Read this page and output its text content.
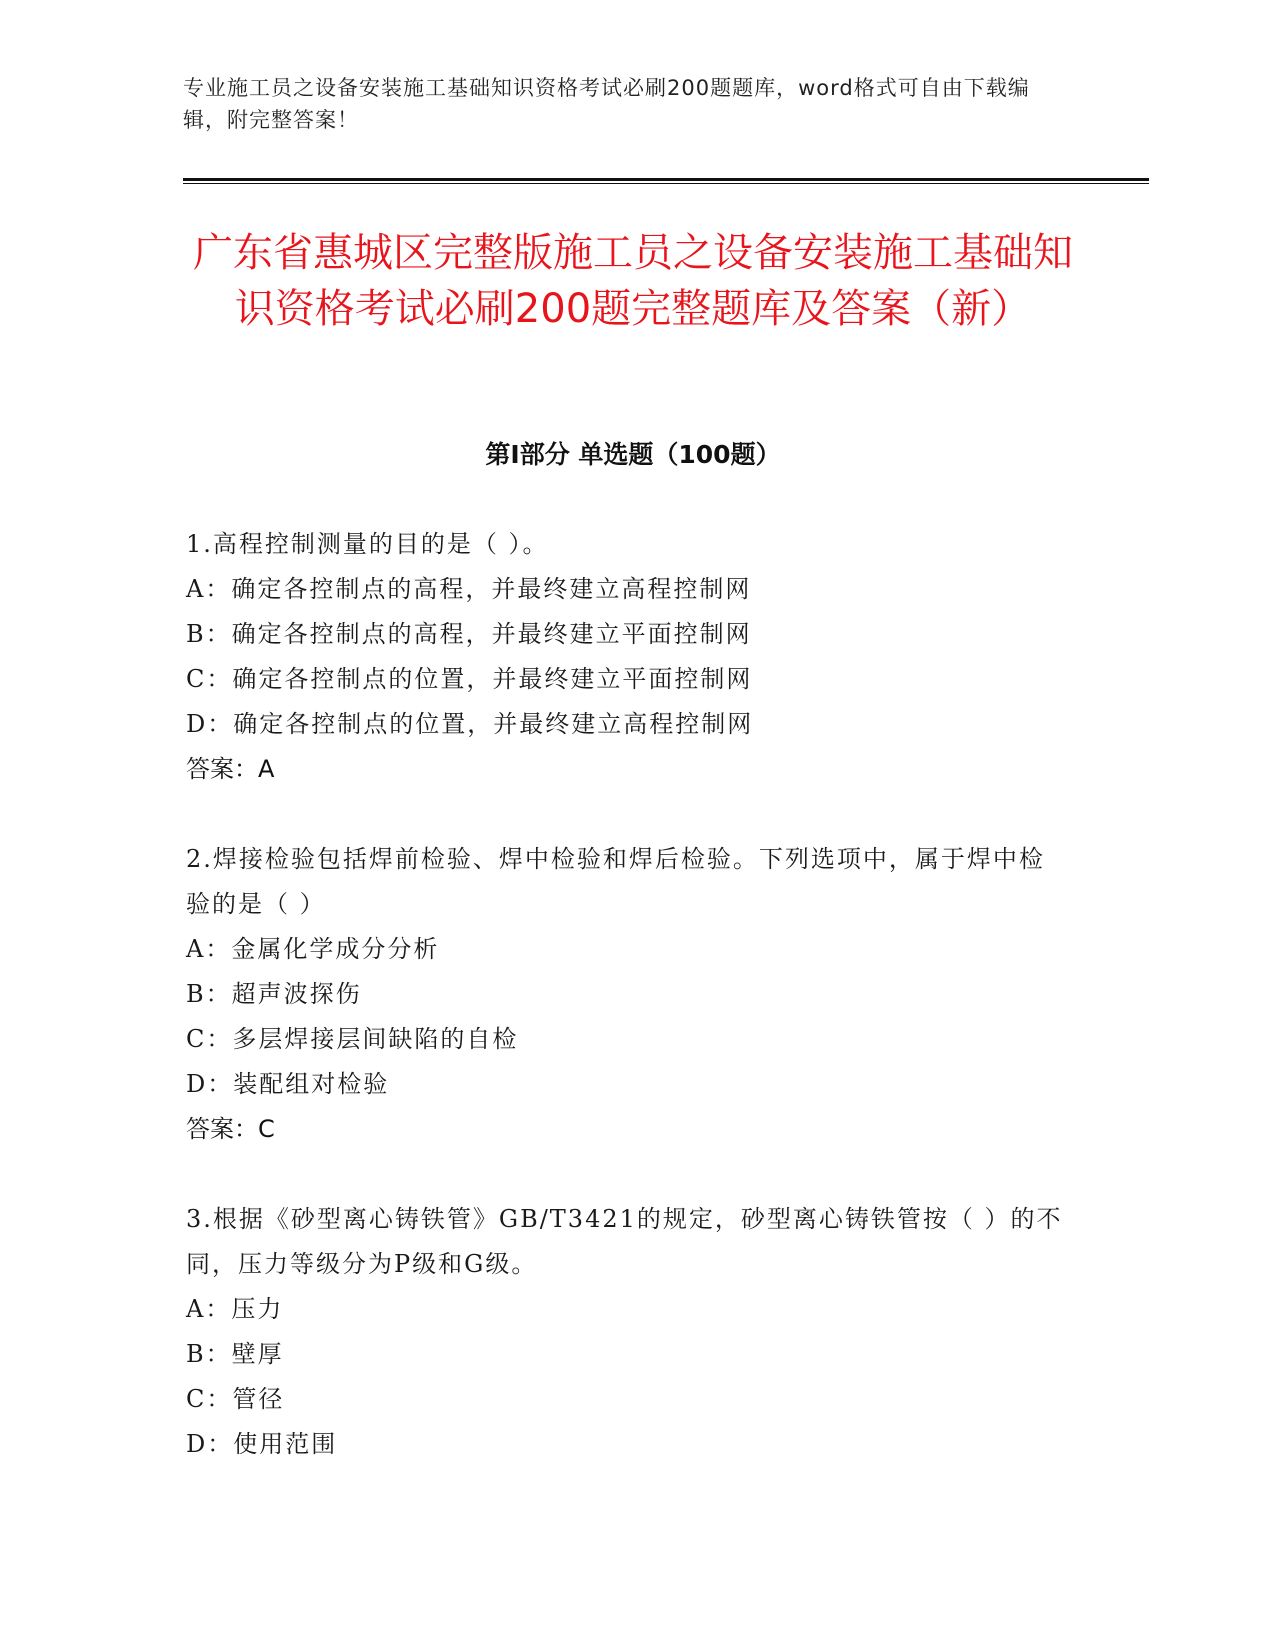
专业施工员之设备安装施工基础知识资格考试必刷200题题库，word格式可自由下载编辑，附完整答案！
广东省惠城区完整版施工员之设备安装施工基础知识资格考试必刷200题完整题库及答案（新）
第I部分 单选题（100题）
1.高程控制测量的目的是（ ）。
A：确定各控制点的高程，并最终建立高程控制网
B：确定各控制点的高程，并最终建立平面控制网
C：确定各控制点的位置，并最终建立平面控制网
D：确定各控制点的位置，并最终建立高程控制网
答案：A
2.焊接检验包括焊前检验、焊中检验和焊后检验。下列选项中，属于焊中检验的是（ ）
A：金属化学成分分析
B：超声波探伤
C：多层焊接层间缺陷的自检
D：装配组对检验
答案：C
3.根据《砂型离心铸铁管》GB/T3421的规定，砂型离心铸铁管按（ ）的不同，压力等级分为P级和G级。
A：压力
B：壁厚
C：管径
D：使用范围
